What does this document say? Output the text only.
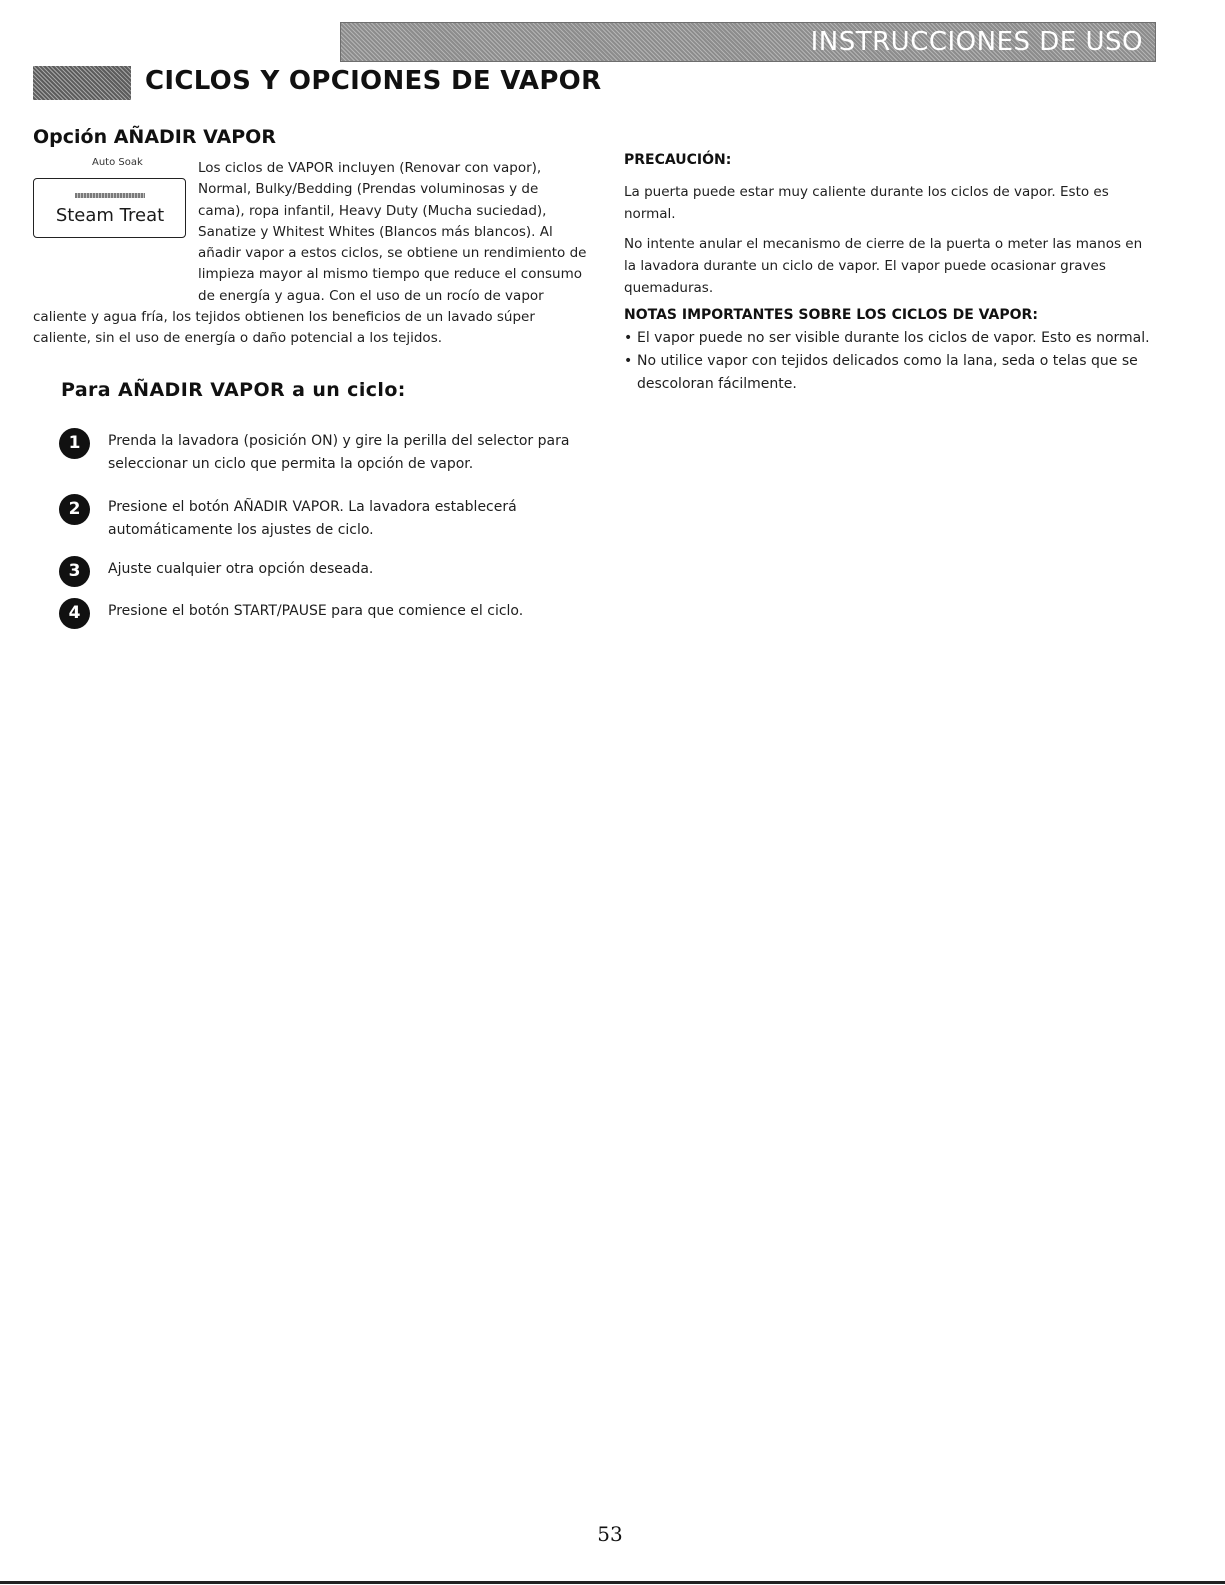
INSTRUCCIONES DE USO
CICLOS Y OPCIONES DE VAPOR
Opción AÑADIR VAPOR
Auto Soak
Steam Treat

Los ciclos de VAPOR incluyen (Renovar con vapor), Normal, Bulky/Bedding (Prendas voluminosas y de cama), ropa infantil, Heavy Duty (Mucha suciedad), Sanatize y Whitest Whites (Blancos más blancos). Al añadir vapor a estos ciclos, se obtiene un rendimiento de limpieza mayor al mismo tiempo que reduce el consumo de energía y agua. Con el uso de un rocío de vapor caliente y agua fría, los tejidos obtienen los beneficios de un lavado súper caliente, sin el uso de energía o daño potencial a los tejidos.

Para AÑADIR VAPOR a un ciclo:
1	Prenda la lavadora (posición ON) y gire la perilla del selector para seleccionar un ciclo que permita la opción de vapor.
2	Presione el botón AÑADIR VAPOR. La lavadora establecerá automáticamente los ajustes de ciclo.
3	Ajuste cualquier otra opción deseada.
4	Presione el botón START/PAUSE para que comience el ciclo.
PRECAUCIÓN:

La puerta puede estar muy caliente durante los ciclos de vapor. Esto es normal.

No intente anular el mecanismo de cierre de la puerta o meter las manos en la lavadora durante un ciclo de vapor. El vapor puede ocasionar graves quemaduras.

NOTAS IMPORTANTES SOBRE LOS CICLOS DE VAPOR:
• El vapor puede no ser visible durante los ciclos de vapor. Esto es normal.
• No utilice vapor con tejidos delicados como la lana, seda o telas que se descoloran fácilmente.
53
